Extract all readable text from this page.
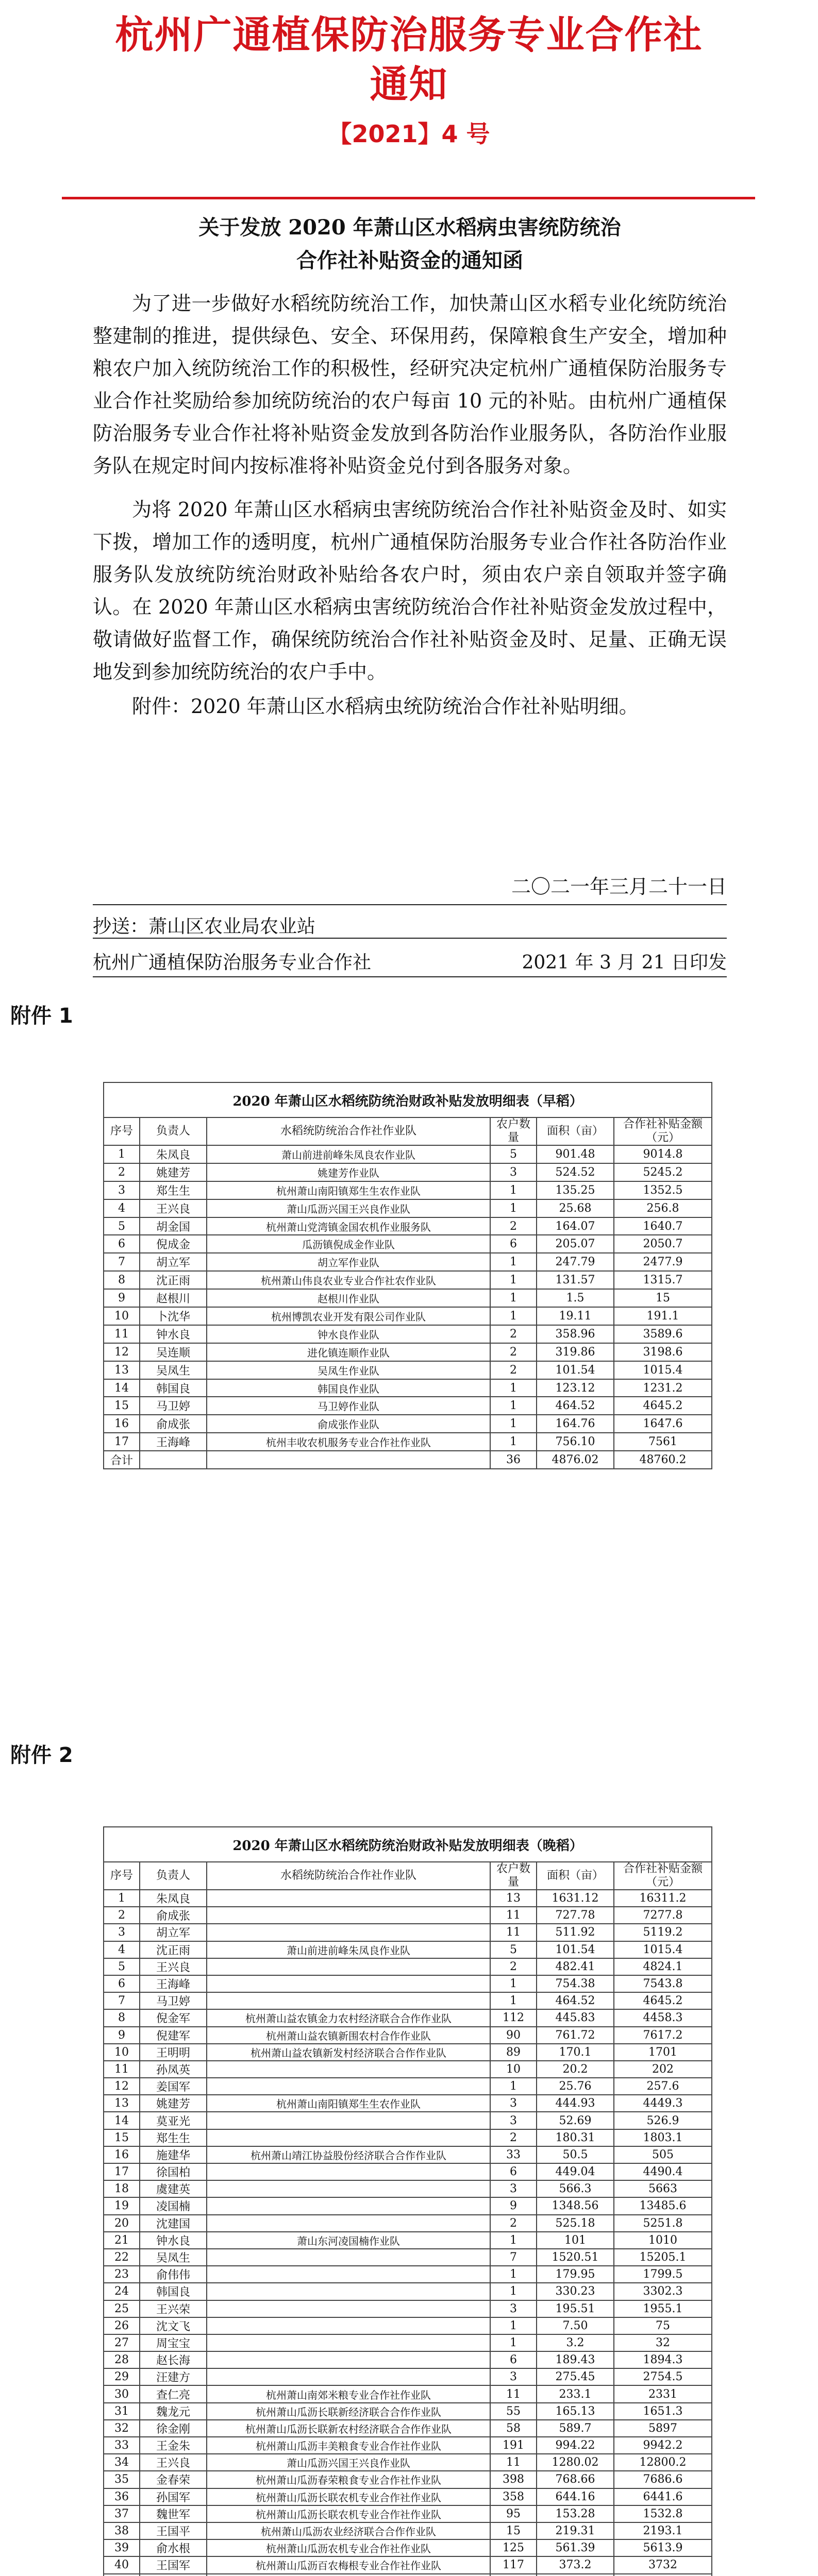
杭州广通植保防治服务专业合作社
通知
【2021】4 号
关于发放 2020 年萧山区水稻病虫害统防统治
合作社补贴资金的通知函

为了进一步做好水稻统防统治工作，加快萧山区水稻专业化统防统治整建制的推进，提供绿色、安全、环保用药，保障粮食生产安全，增加种粮农户加入统防统治工作的积极性，经研究决定杭州广通植保防治服务专业合作社奖励给参加统防统治的农户每亩 10 元的补贴。由杭州广通植保防治服务专业合作社将补贴资金发放到各防治作业服务队，各防治作业服务队在规定时间内按标准将补贴资金兑付到各服务对象。

为将 2020 年萧山区水稻病虫害统防统治合作社补贴资金及时、如实下拨，增加工作的透明度，杭州广通植保防治服务专业合作社各防治作业服务队发放统防统治财政补贴给各农户时，须由农户亲自领取并签字确认。在 2020 年萧山区水稻病虫害统防统治合作社补贴资金发放过程中，敬请做好监督工作，确保统防统治合作社补贴资金及时、足量、正确无误地发到参加统防统治的农户手中。

附件：2020 年萧山区水稻病虫统防统治合作社补贴明细。

二〇二一年三月二十一日
抄送：萧山区农业局农业站
杭州广通植保防治服务专业合作社	2021 年 3 月 21 日印发
附件 1
2020 年萧山区水稻统防统治财政补贴发放明细表（早稻）					
序号	负责人	水稻统防统治合作社作业队	农户数量	面积（亩）	合作社补贴金额（元）
1	朱凤良	萧山前进前峰朱凤良农作业队	5	901.48	9014.8
2	姚建芳	姚建芳作业队	3	524.52	5245.2
3	郑生生	杭州萧山南阳镇郑生生农作业队	1	135.25	1352.5
4	王兴良	萧山瓜沥兴国王兴良作业队	1	25.68	256.8
5	胡金国	杭州萧山党湾镇金国农机作业服务队	2	164.07	1640.7
6	倪成金	瓜沥镇倪成金作业队	6	205.07	2050.7
7	胡立军	胡立军作业队	1	247.79	2477.9
8	沈正雨	杭州萧山伟良农业专业合作社农作业队	1	131.57	1315.7
9	赵根川	赵根川作业队	1	1.5	15
10	卜沈华	杭州博凯农业开发有限公司作业队	1	19.11	191.1
11	钟水良	钟水良作业队	2	358.96	3589.6
12	吴连顺	进化镇连顺作业队	2	319.86	3198.6
13	吴凤生	吴凤生作业队	2	101.54	1015.4
14	韩国良	韩国良作业队	1	123.12	1231.2
15	马卫婷	马卫婷作业队	1	464.52	4645.2
16	俞成张	俞成张作业队	1	164.76	1647.6
17	王海峰	杭州丰收农机服务专业合作社作业队	1	756.10	7561
合计			36	4876.02	48760.2
附件 2
2020 年萧山区水稻统防统治财政补贴发放明细表（晚稻）					
序号	负责人	水稻统防统治合作社作业队	农户数量	面积（亩）	合作社补贴金额（元）
1	朱凤良		13	1631.12	16311.2
2	俞成张		11	727.78	7277.8
3	胡立军		11	511.92	5119.2
4	沈正雨	萧山前进前峰朱凤良作业队	5	101.54	1015.4
5	王兴良		2	482.41	4824.1
6	王海峰		1	754.38	7543.8
7	马卫婷		1	464.52	4645.2
8	倪金军	杭州萧山益农镇金力农村经济联合合作作业队	112	445.83	4458.3
9	倪建军	杭州萧山益农镇新围农村合作作业队	90	761.72	7617.2
10	王明明	杭州萧山益农镇新发村经济联合合作作业队	89	170.1	1701
11	孙凤英		10	20.2	202
12	姜国军		1	25.76	257.6
13	姚建芳	杭州萧山南阳镇郑生生农作业队	3	444.93	4449.3
14	莫亚光		3	52.69	526.9
15	郑生生		2	180.31	1803.1
16	施建华	杭州萧山靖江协益股份经济联合合作作业队	33	50.5	505
17	徐国柏		6	449.04	4490.4
18	虞建英		3	566.3	5663
19	凌国楠		9	1348.56	13485.6
20	沈建国		2	525.18	5251.8
21	钟水良	萧山东河凌国楠作业队	1	101	1010
22	吴凤生		7	1520.51	15205.1
23	俞伟伟		1	179.95	1799.5
24	韩国良		1	330.23	3302.3
25	王兴荣		3	195.51	1955.1
26	沈文飞		1	7.50	75
27	周宝宝		1	3.2	32
28	赵长海		6	189.43	1894.3
29	汪建方		3	275.45	2754.5
30	查仁亮	杭州萧山南郊米粮专业合作社作业队	11	233.1	2331
31	魏龙元	杭州萧山瓜沥长联新经济联合合作作业队	55	165.13	1651.3
32	徐金刚	杭州萧山瓜沥长联新农村经济联合合作作业队	58	589.7	5897
33	王金朱	杭州萧山瓜沥丰美粮食专业合作社作业队	191	994.22	9942.2
34	王兴良	萧山瓜沥兴国王兴良作业队	11	1280.02	12800.2
35	金春荣	杭州萧山瓜沥春荣粮食专业合作社作业队	398	768.66	7686.6
36	孙国军	杭州萧山瓜沥长联农机专业合作社作业队	358	644.16	6441.6
37	魏世军	杭州萧山瓜沥长联农机专业合作社作业队	95	153.28	1532.8
38	王国平	杭州萧山瓜沥农业经济联合合作作业队	15	219.31	2193.1
39	俞水根	杭州萧山瓜沥农机专业合作社作业队	125	561.39	5613.9
40	王国军	杭州萧山瓜沥百农梅根专业合作社作业队	117	373.2	3732
